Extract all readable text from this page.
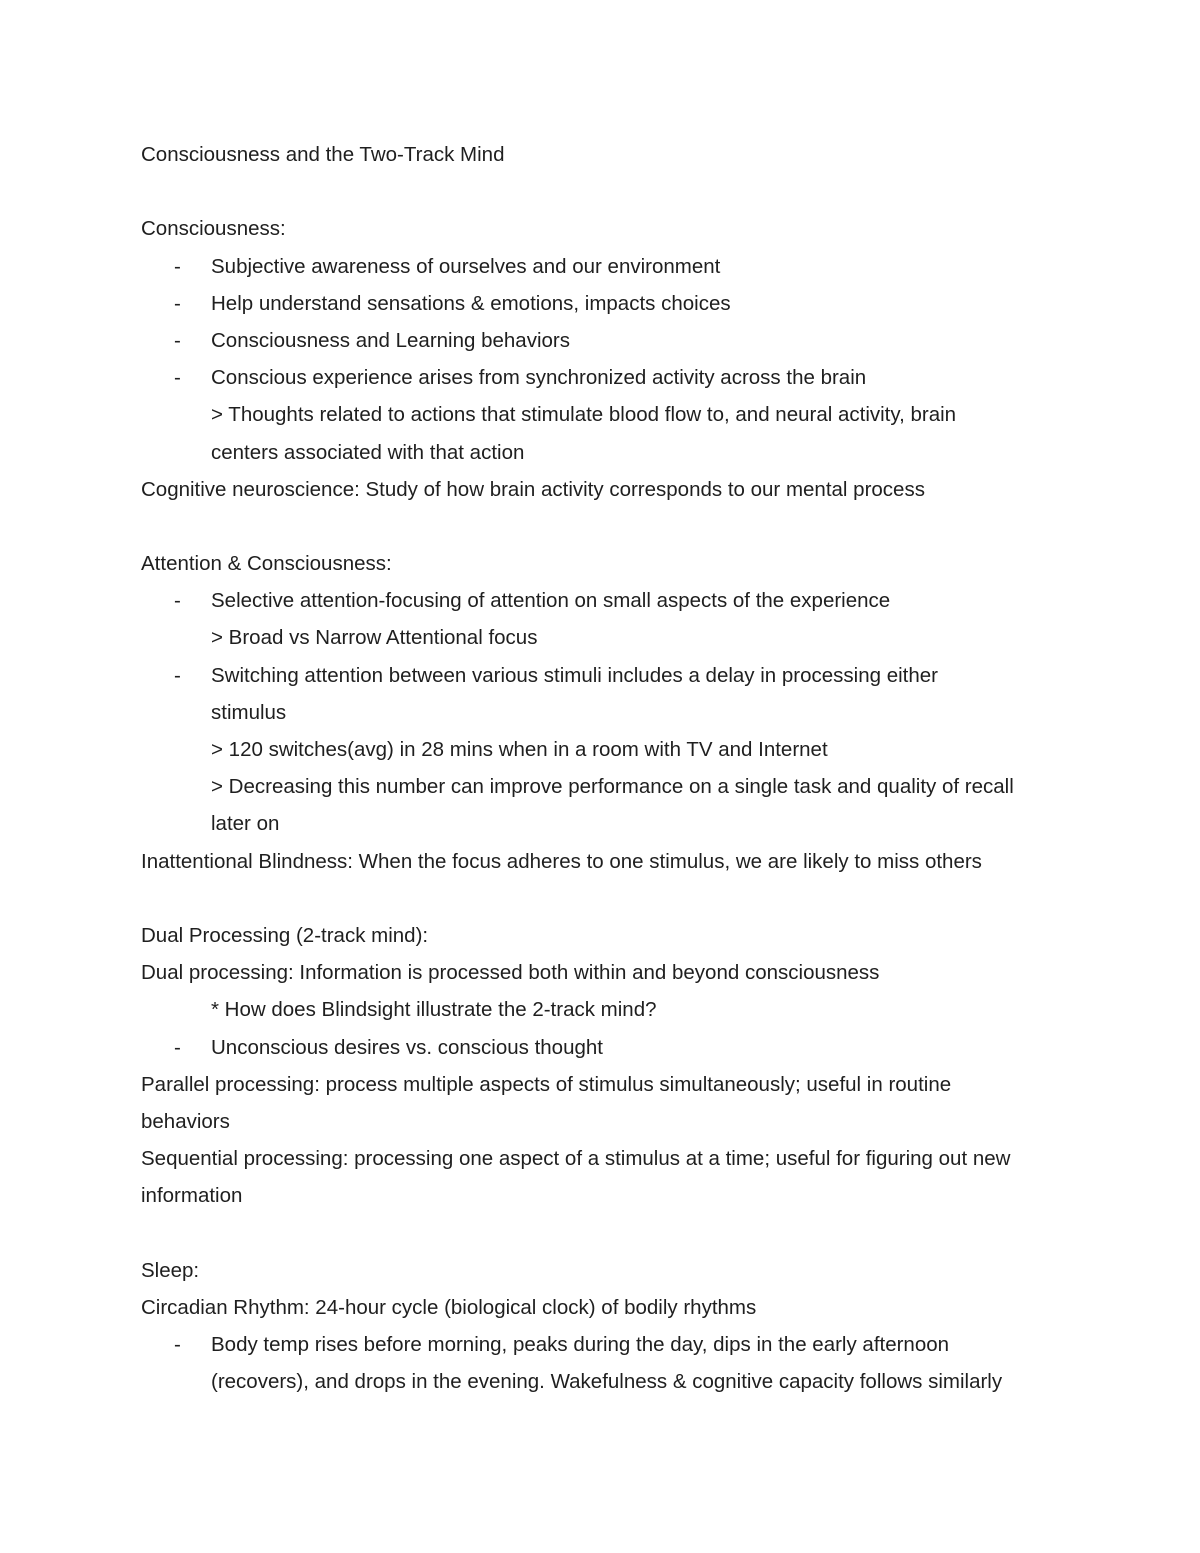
Consciousness and the Two-Track Mind
Consciousness:
- Subjective awareness of ourselves and our environment
- Help understand sensations & emotions, impacts choices
- Consciousness and Learning behaviors
- Conscious experience arises from synchronized activity across the brain
> Thoughts related to actions that stimulate blood flow to, and neural activity, brain
centers associated with that action
Cognitive neuroscience: Study of how brain activity corresponds to our mental process
Attention & Consciousness:
- Selective attention-focusing of attention on small aspects of the experience
> Broad vs Narrow Attentional focus
- Switching attention between various stimuli includes a delay in processing either
stimulus
> 120 switches(avg) in 28 mins when in a room with TV and Internet
> Decreasing this number can improve performance on a single task and quality of recall
later on
Inattentional Blindness: When the focus adheres to one stimulus, we are likely to miss others
Dual Processing (2-track mind):
Dual processing: Information is processed both within and beyond consciousness
* How does Blindsight illustrate the 2-track mind?
- Unconscious desires vs. conscious thought
Parallel processing: process multiple aspects of stimulus simultaneously; useful in routine
behaviors
Sequential processing: processing one aspect of a stimulus at a time; useful for figuring out new
information
Sleep:
Circadian Rhythm: 24-hour cycle (biological clock) of bodily rhythms
- Body temp rises before morning, peaks during the day, dips in the early afternoon
(recovers), and drops in the evening. Wakefulness & cognitive capacity follows similarly
